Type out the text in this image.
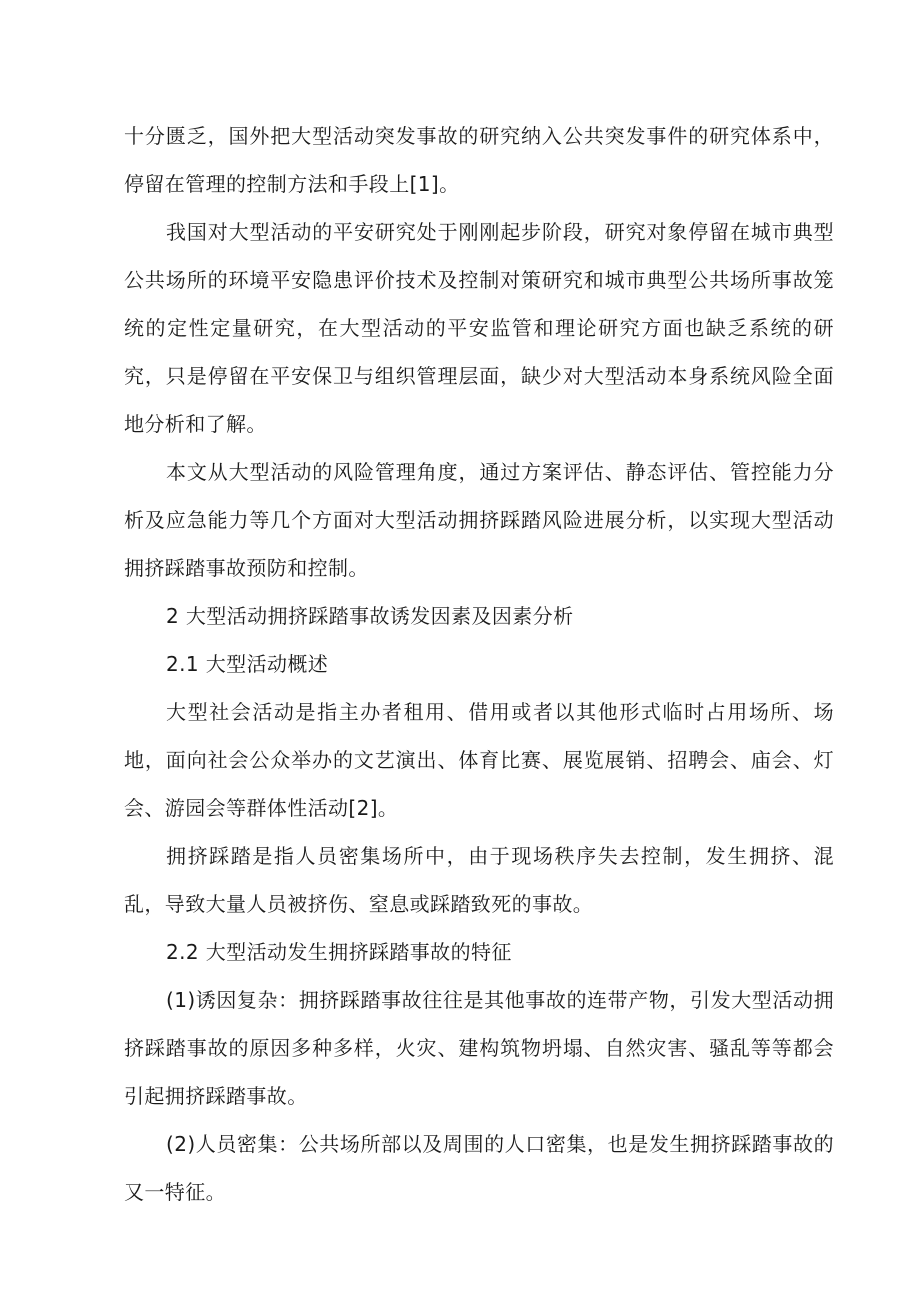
十分匮乏，国外把大型活动突发事故的研究纳入公共突发事件的研究体系中，停留在管理的控制方法和手段上[1]。

我国对大型活动的平安研究处于刚刚起步阶段，研究对象停留在城市典型公共场所的环境平安隐患评价技术及控制对策研究和城市典型公共场所事故笼统的定性定量研究，在大型活动的平安监管和理论研究方面也缺乏系统的研究，只是停留在平安保卫与组织管理层面，缺少对大型活动本身系统风险全面地分析和了解。

本文从大型活动的风险管理角度，通过方案评估、静态评估、管控能力分析及应急能力等几个方面对大型活动拥挤踩踏风险进展分析，以实现大型活动拥挤踩踏事故预防和控制。

2 大型活动拥挤踩踏事故诱发因素及因素分析

2.1 大型活动概述

大型社会活动是指主办者租用、借用或者以其他形式临时占用场所、场地，面向社会公众举办的文艺演出、体育比赛、展览展销、招聘会、庙会、灯会、游园会等群体性活动[2]。

拥挤踩踏是指人员密集场所中，由于现场秩序失去控制，发生拥挤、混乱，导致大量人员被挤伤、窒息或踩踏致死的事故。

2.2 大型活动发生拥挤踩踏事故的特征

(1)诱因复杂：拥挤踩踏事故往往是其他事故的连带产物，引发大型活动拥挤踩踏事故的原因多种多样，火灾、建构筑物坍塌、自然灾害、骚乱等等都会引起拥挤踩踏事故。

(2)人员密集：公共场所部以及周围的人口密集，也是发生拥挤踩踏事故的又一特征。
